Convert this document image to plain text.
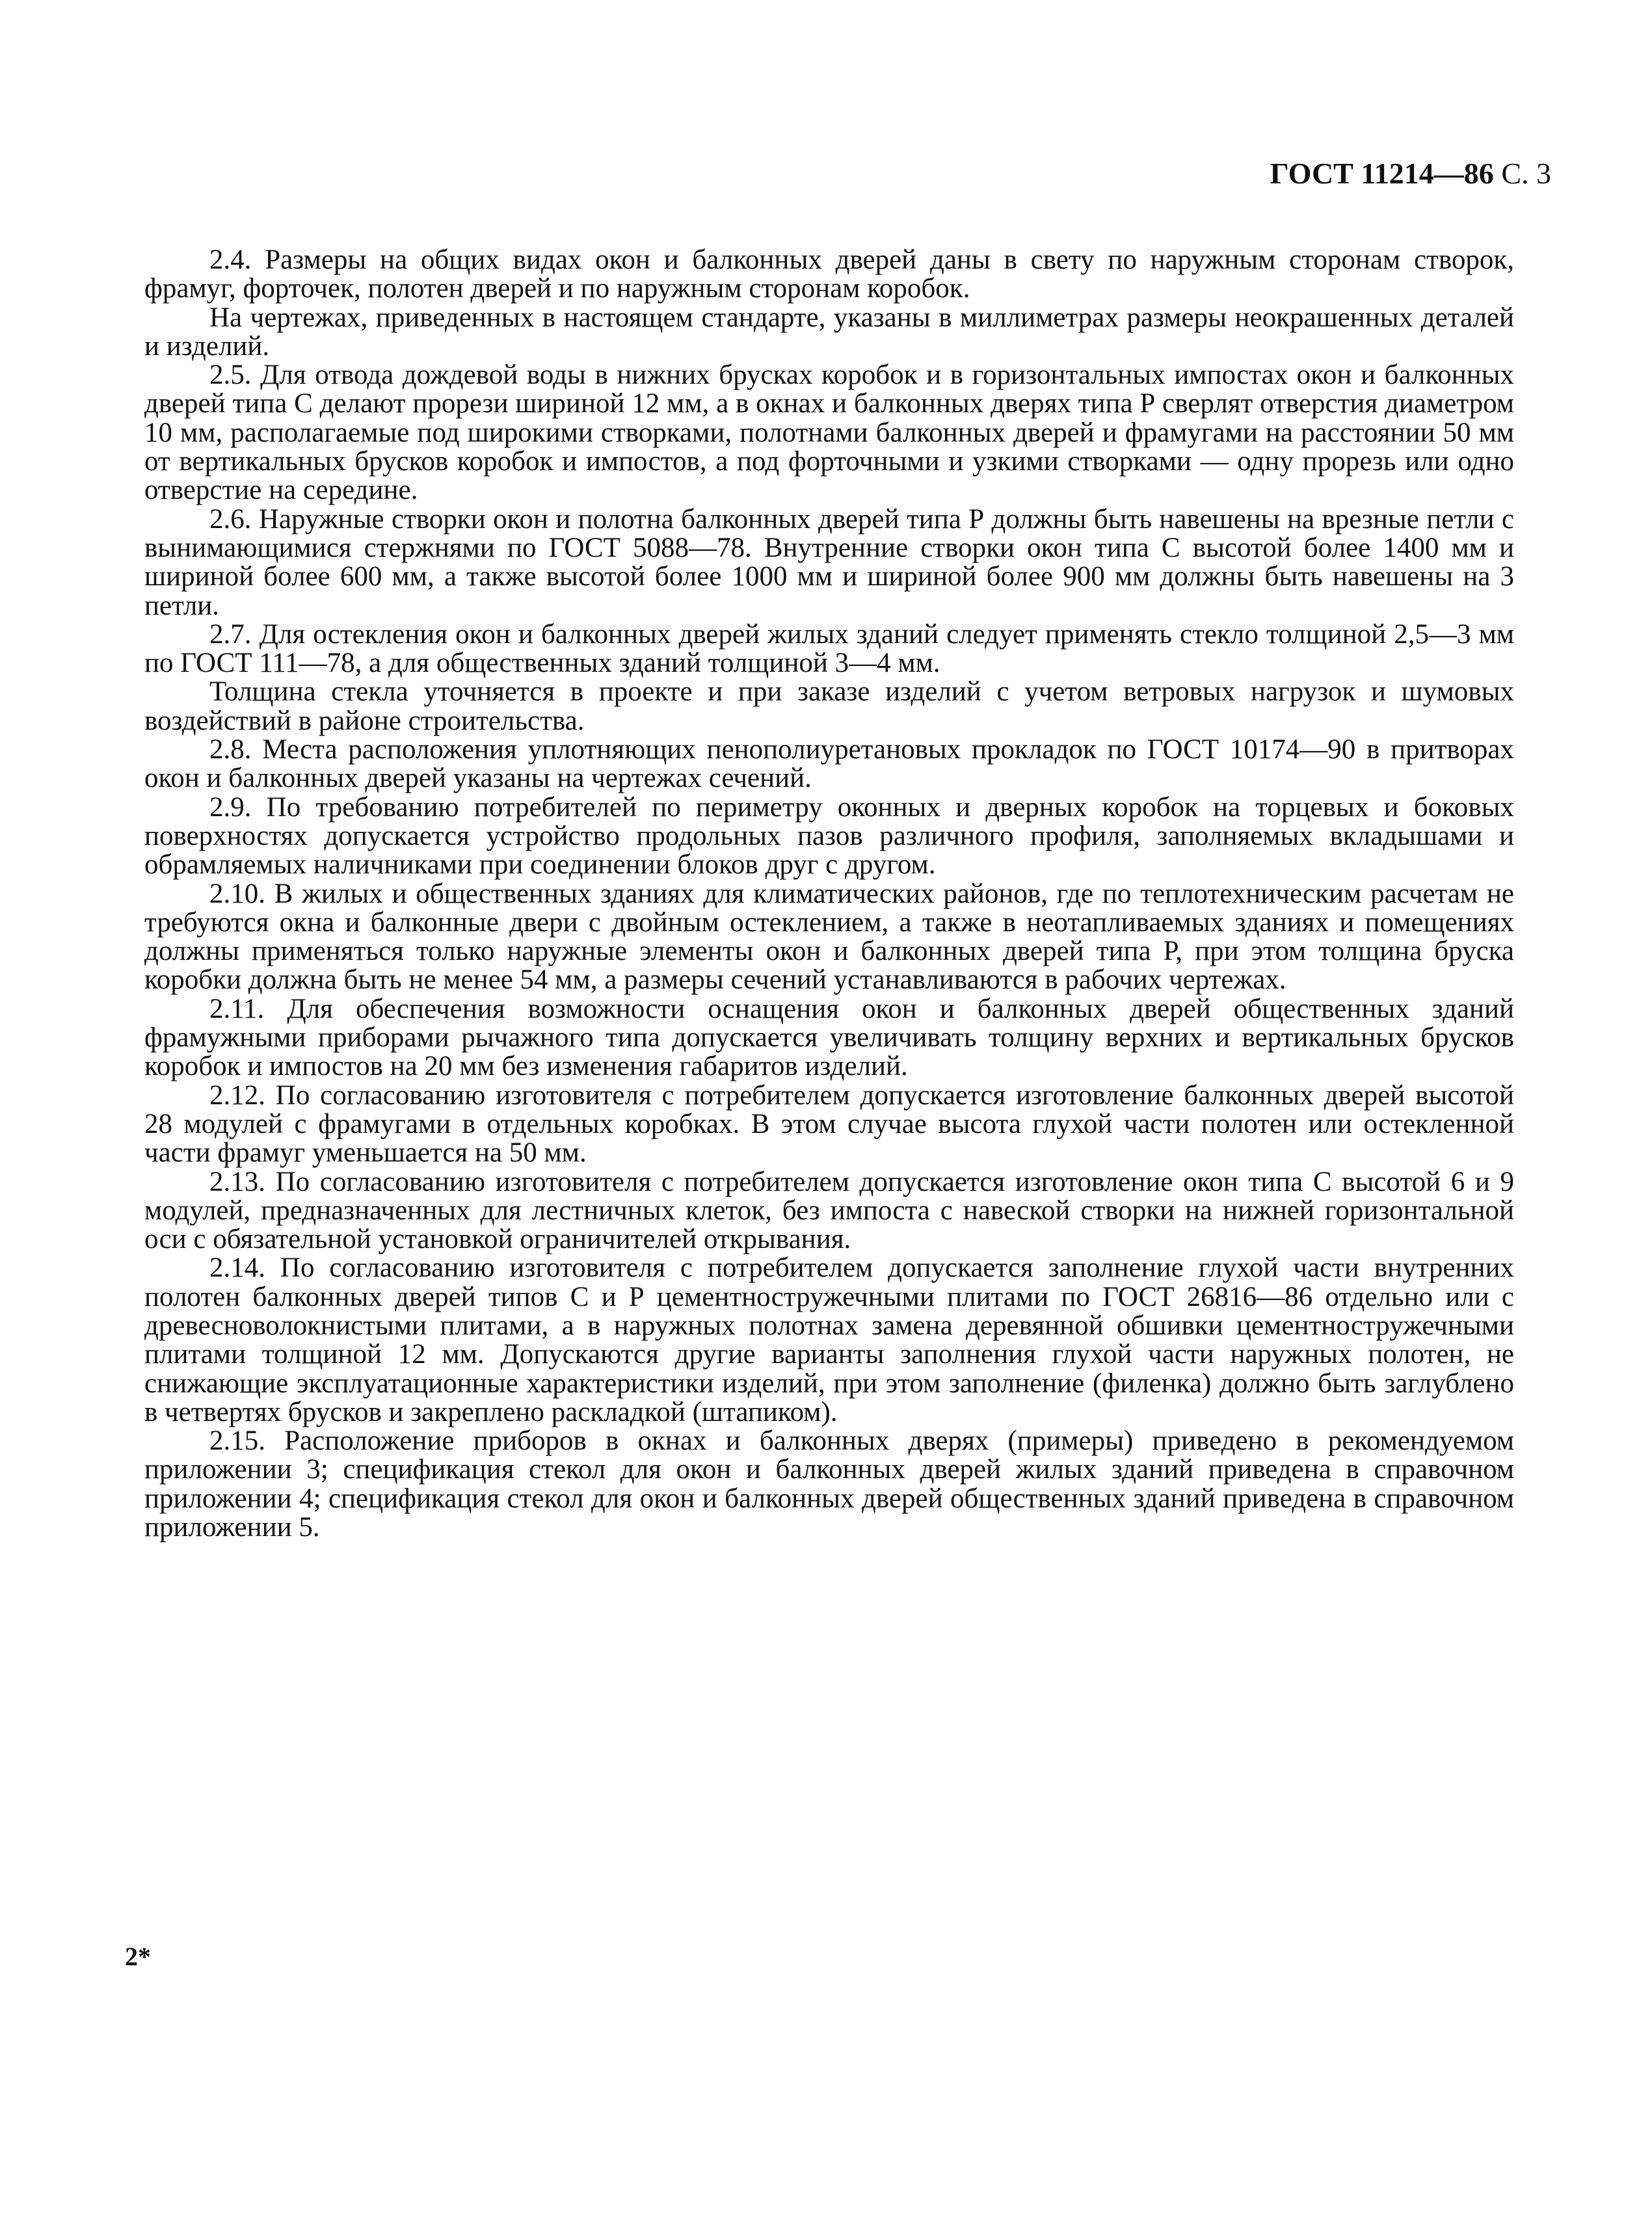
ГОСТ 11214—86 С. 3

2.4. Размеры на общих видах окон и балконных дверей даны в свету по наружным сторонам створок, фрамуг, форточек, полотен дверей и по наружным сторонам коробок.

На чертежах, приведенных в настоящем стандарте, указаны в миллиметрах размеры неокрашенных деталей и изделий.

2.5. Для отвода дождевой воды в нижних брусках коробок и в горизонтальных импостах окон и балконных дверей типа С делают прорези шириной 12 мм, а в окнах и балконных дверях типа Р сверлят отверстия диаметром 10 мм, располагаемые под широкими створками, полотнами балконных дверей и фрамугами на расстоянии 50 мм от вертикальных брусков коробок и импостов, а под форточными и узкими створками — одну прорезь или одно отверстие на середине.

2.6. Наружные створки окон и полотна балконных дверей типа Р должны быть навешены на врезные петли с вынимающимися стержнями по ГОСТ 5088—78. Внутренние створки окон типа С высотой более 1400 мм и шириной более 600 мм, а также высотой более 1000 мм и шириной более 900 мм должны быть навешены на 3 петли.

2.7. Для остекления окон и балконных дверей жилых зданий следует применять стекло толщиной 2,5—3 мм по ГОСТ 111—78, а для общественных зданий толщиной 3—4 мм.

Толщина стекла уточняется в проекте и при заказе изделий с учетом ветровых нагрузок и шумовых воздействий в районе строительства.

2.8. Места расположения уплотняющих пенополиуретановых прокладок по ГОСТ 10174—90 в притворах окон и балконных дверей указаны на чертежах сечений.

2.9. По требованию потребителей по периметру оконных и дверных коробок на торцевых и боковых поверхностях допускается устройство продольных пазов различного профиля, заполняемых вкладышами и обрамляемых наличниками при соединении блоков друг с другом.

2.10. В жилых и общественных зданиях для климатических районов, где по теплотехническим расчетам не требуются окна и балконные двери с двойным остеклением, а также в неотапливаемых зданиях и помещениях должны применяться только наружные элементы окон и балконных дверей типа Р, при этом толщина бруска коробки должна быть не менее 54 мм, а размеры сечений устанавливаются в рабочих чертежах.

2.11. Для обеспечения возможности оснащения окон и балконных дверей общественных зданий фрамужными приборами рычажного типа допускается увеличивать толщину верхних и вертикальных брусков коробок и импостов на 20 мм без изменения габаритов изделий.

2.12. По согласованию изготовителя с потребителем допускается изготовление балконных дверей высотой 28 модулей с фрамугами в отдельных коробках. В этом случае высота глухой части полотен или остекленной части фрамуг уменьшается на 50 мм.

2.13. По согласованию изготовителя с потребителем допускается изготовление окон типа С высотой 6 и 9 модулей, предназначенных для лестничных клеток, без импоста с навеской створки на нижней горизонтальной оси с обязательной установкой ограничителей открывания.

2.14. По согласованию изготовителя с потребителем допускается заполнение глухой части внутренних полотен балконных дверей типов С и Р цементностружечными плитами по ГОСТ 26816—86 отдельно или с древесноволокнистыми плитами, а в наружных полотнах замена деревянной обшивки цементностружечными плитами толщиной 12 мм. Допускаются другие варианты заполнения глухой части наружных полотен, не снижающие эксплуатационные характеристики изделий, при этом заполнение (филенка) должно быть заглублено в четвертях брусков и закреплено раскладкой (штапиком).

2.15. Расположение приборов в окнах и балконных дверях (примеры) приведено в рекомендуемом приложении 3; спецификация стекол для окон и балконных дверей жилых зданий приведена в справочном приложении 4; спецификация стекол для окон и балконных дверей общественных зданий приведена в справочном приложении 5.

2*
